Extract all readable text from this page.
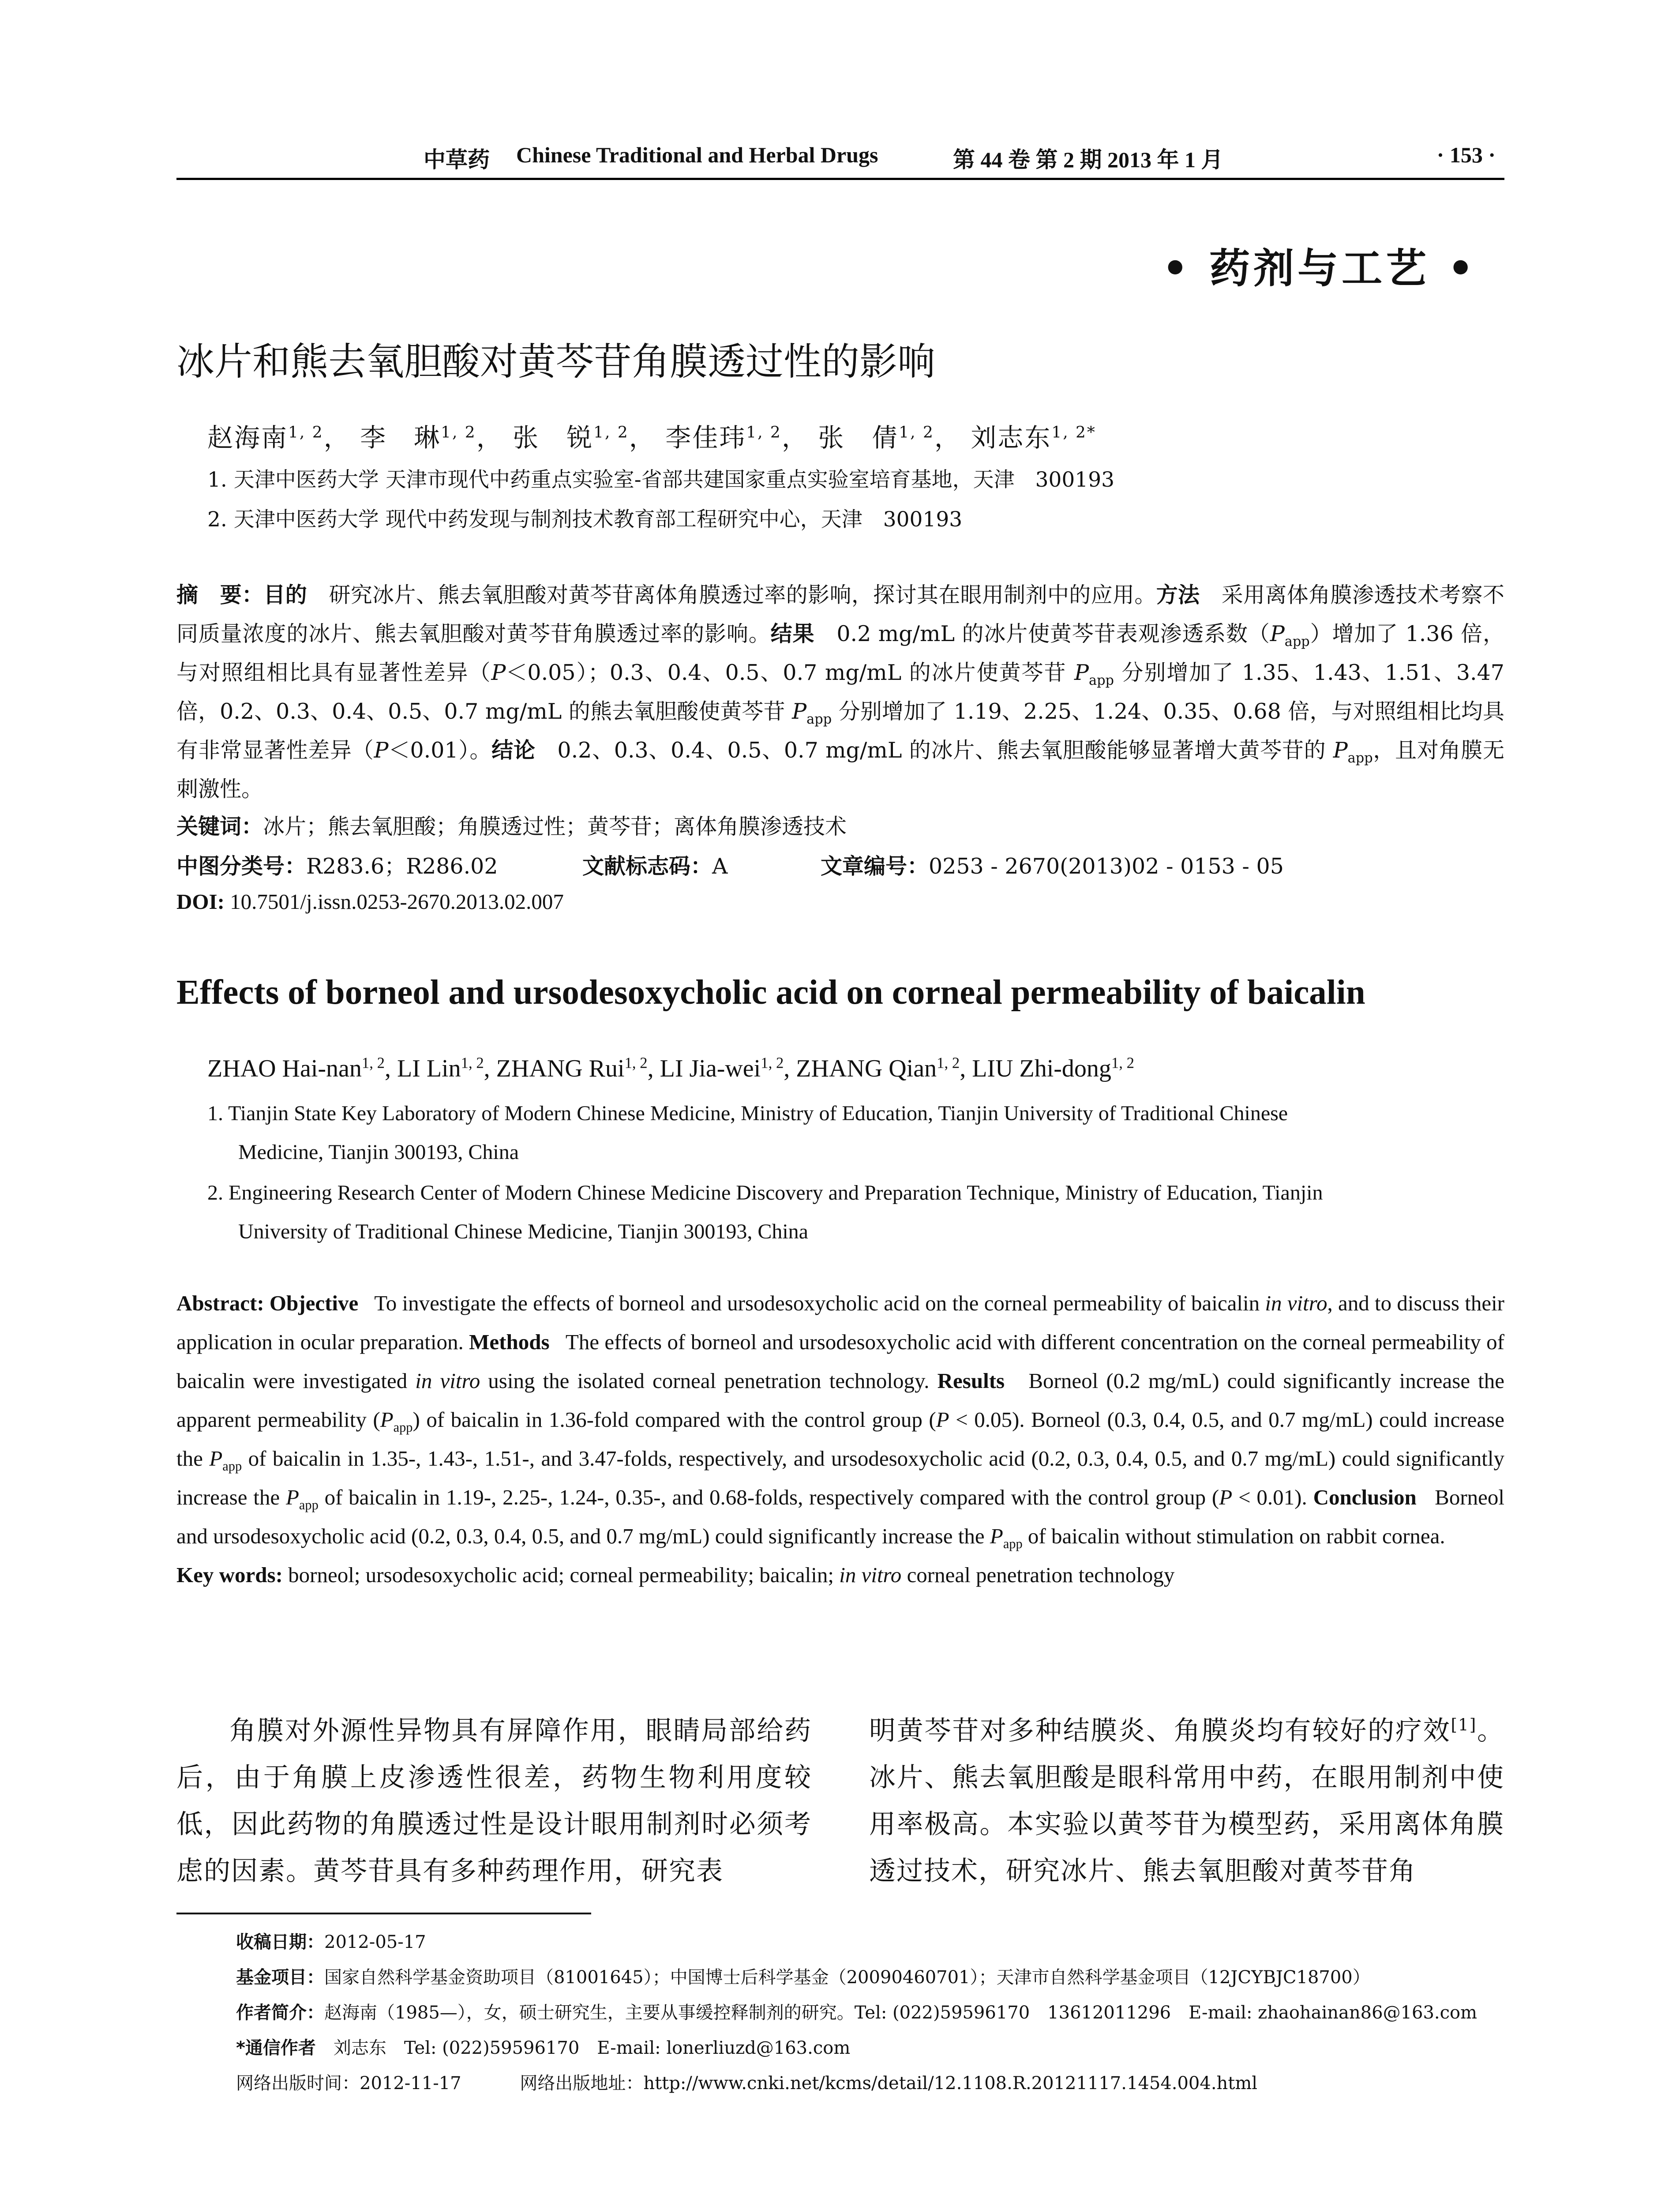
中草药 Chinese Traditional and Herbal Drugs	第 44 卷 第 2 期 2013 年 1 月	· 153 ·
• 药剂与工艺 •
冰片和熊去氧胆酸对黄芩苷角膜透过性的影响
赵海南$^{1, 2}$， 李　琳$^{1, 2}$， 张　锐$^{1, 2}$， 李佳玮$^{1, 2}$， 张　倩$^{1, 2}$， 刘志东$^{1, 2*}$
1. 天津中医药大学 天津市现代中药重点实验室-省部共建国家重点实验室培育基地，天津　300193
2. 天津中医药大学 现代中药发现与制剂技术教育部工程研究中心，天津　300193
摘　要：目的　 研究冰片、熊去氧胆酸对黄芩苷离体角膜透过率的影响，探讨其在眼用制剂中的应用。方法　 采用离体角膜渗透技术考察不同质量浓度的冰片、熊去氧胆酸对黄芩苷角膜透过率的影响。结果　 0.2 mg/mL 的冰片使黄芩苷表观渗透系数$(P_{app})$增加了 1.36 倍，与对照组相比具有显著性差异（P＜0.05）；0.3、0.4、0.5、0.7 mg/mL 的冰片使黄芩苷 $P_{app}$ 分别增加了 1.35、1.43、1.51、3.47 倍，0.2、0.3、0.4、0.5、0.7 mg/mL 的熊去氧胆酸使黄芩苷 $P_{app}$ 分别增加了 1.19、2.25、1.24、0.35、0.68 倍，与对照组相比均具有非常显著性差异（P＜0.01）。结论　 0.2、0.3、0.4、0.5、0.7 mg/mL 的冰片、熊去氧胆酸能够显著增大黄芩苷的 $P_{app}$，且对角膜无刺激性。
关键词：冰片；熊去氧胆酸；角膜透过性；黄芩苷；离体角膜渗透技术
中图分类号：R283.6；R286.02	文献标志码：A	文章编号：0253 - 2670(2013)02 - 0153 - 05
DOI: 10.7501/j.issn.0253-2670.2013.02.007
Effects of borneol and ursodesoxycholic acid on corneal permeability of baicalin
ZHAO Hai-nan$^{1, 2}$, LI Lin$^{1, 2}$, ZHANG Rui$^{1, 2}$, LI Jia-wei$^{1, 2}$, ZHANG Qian$^{1, 2}$, LIU Zhi-dong$^{1, 2}$
1. Tianjin State Key Laboratory of Modern Chinese Medicine, Ministry of Education, Tianjin University of Traditional Chinese
Medicine, Tianjin 300193, China
2. Engineering Research Center of Modern Chinese Medicine Discovery and Preparation Technique, Ministry of Education, Tianjin
University of Traditional Chinese Medicine, Tianjin 300193, China
Abstract: Objective To investigate the effects of borneol and ursodesoxycholic acid on the corneal permeability of baicalin in vitro, and to discuss their application in ocular preparation. Methods The effects of borneol and ursodesoxycholic acid with different concentration on the corneal permeability of baicalin were investigated in vitro using the isolated corneal penetration technology. Results Borneol (0.2 mg/mL) could significantly increase the apparent permeability $(P_{app})$ of baicalin in 1.36-fold compared with the control group (P < 0.05). Borneol (0.3, 0.4, 0.5, and 0.7 mg/mL) could increase the $P_{app}$ of baicalin in 1.35-, 1.43-, 1.51-, and 3.47-folds, respectively, and ursodesoxycholic acid (0.2, 0.3, 0.4, 0.5, and 0.7 mg/mL) could significantly increase the $P_{app}$ of baicalin in 1.19-, 2.25-, 1.24-, 0.35-, and 0.68-folds, respectively compared with the control group (P < 0.01). Conclusion Borneol and ursodesoxycholic acid (0.2, 0.3, 0.4, 0.5, and 0.7 mg/mL) could significantly increase the $P_{app}$ of baicalin without stimulation on rabbit cornea.
Key words: borneol; ursodesoxycholic acid; corneal permeability; baicalin; in vitro corneal penetration technology
角膜对外源性异物具有屏障作用，眼睛局部给药后，由于角膜上皮渗透性很差，药物生物利用度较低，因此药物的角膜透过性是设计眼用制剂时必须考虑的因素。黄芩苷具有多种药理作用，研究表
明黄芩苷对多种结膜炎、角膜炎均有较好的疗效[1]。冰片、熊去氧胆酸是眼科常用中药，在眼用制剂中使用率极高。本实验以黄芩苷为模型药，采用离体角膜透过技术，研究冰片、熊去氧胆酸对黄芩苷角
收稿日期：2012-05-17
基金项目：国家自然科学基金资助项目（81001645）；中国博士后科学基金（20090460701）；天津市自然科学基金项目（12JCYBJC18700）
作者简介：赵海南（1985—），女，硕士研究生，主要从事缓控释制剂的研究。Tel: (022)59596170　13612011296　E-mail: zhaohainan86@163.com
*通信作者　 刘志东　Tel: (022)59596170　E-mail: lonerliuzd@163.com
网络出版时间：2012-11-17　　　	网络出版地址：http://www.cnki.net/kcms/detail/12.1108.R.20121117.1454.004.html
